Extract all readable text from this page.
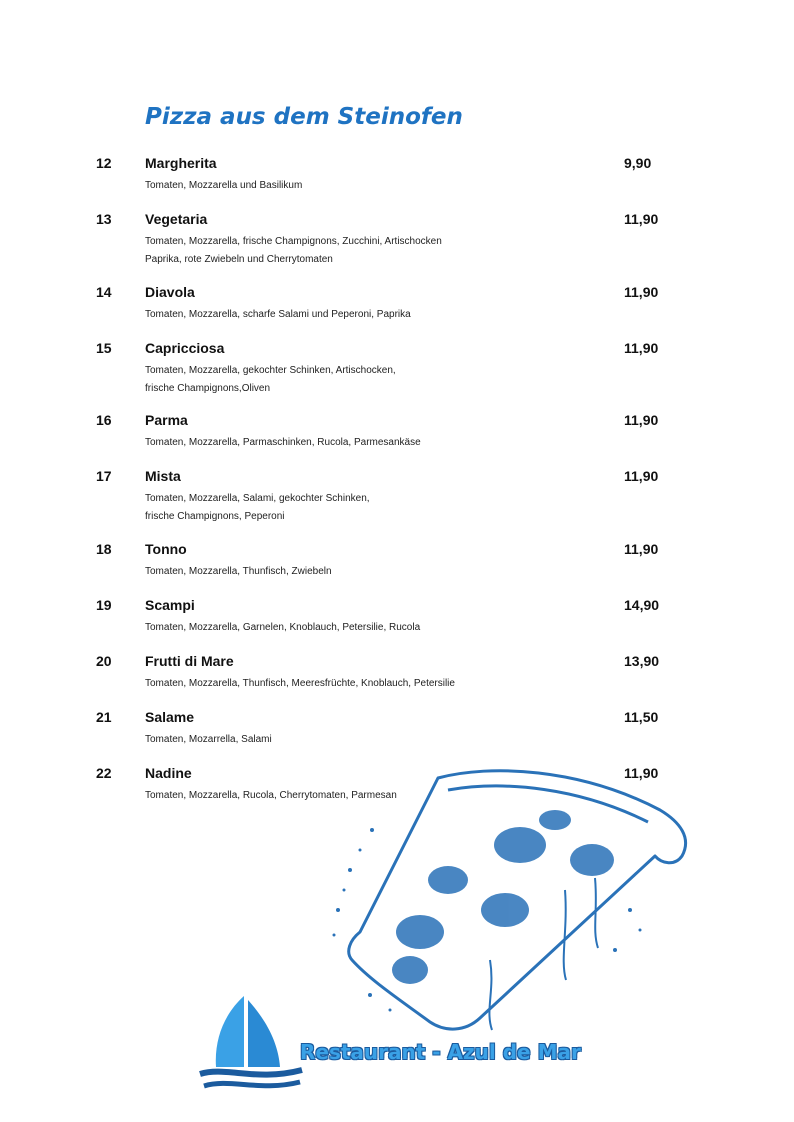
Pizza aus dem Steinofen
12 Margherita	9,90
Tomaten, Mozzarella und Basilikum
13 Vegetaria	11,90
Tomaten, Mozzarella, frische Champignons, Zucchini, Artischocken
Paprika, rote Zwiebeln und Cherrytomaten
14 Diavola	11,90
Tomaten, Mozzarella, scharfe Salami und Peperoni, Paprika
15 Capricciosa	11,90
Tomaten, Mozzarella, gekochter Schinken, Artischocken,
frische Champignons,Oliven
16 Parma	11,90
Tomaten, Mozzarella, Parmaschinken, Rucola, Parmesankäse
17 Mista	11,90
Tomaten, Mozzarella, Salami, gekochter Schinken,
frische Champignons, Peperoni
18 Tonno	11,90
Tomaten, Mozzarella, Thunfisch, Zwiebeln
19 Scampi	14,90
Tomaten, Mozzarella, Garnelen, Knoblauch, Petersilie, Rucola
20 Frutti di Mare	13,90
Tomaten, Mozzarella, Thunfisch, Meeresfrüchte, Knoblauch, Petersilie
21 Salame	11,50
Tomaten, Mozarrella, Salami
22 Nadine	11,90
Tomaten, Mozzarella, Rucola, Cherrytomaten, Parmesan
Restaurant - Azul de Mar
